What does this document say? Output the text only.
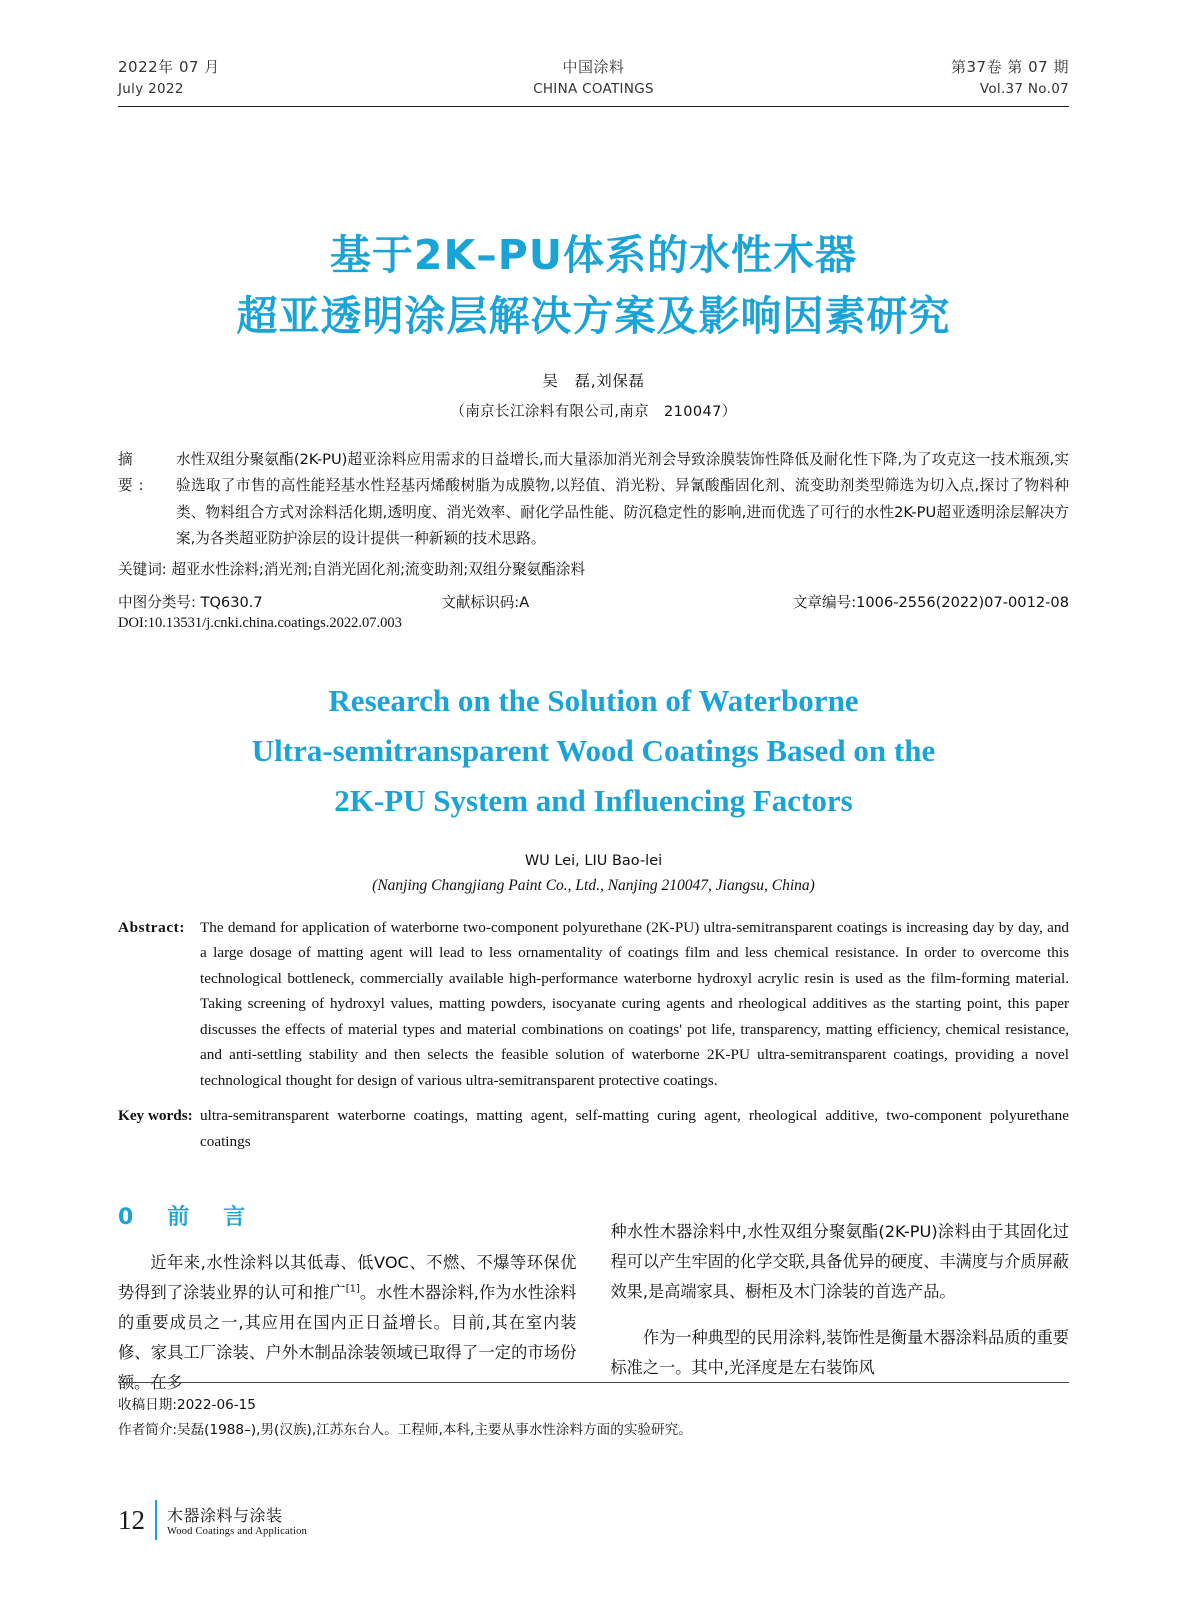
2022年 07 月
July 2022
中国涂料
CHINA COATINGS
第37卷 第 07 期
Vol.37 No.07
基于2K–PU体系的水性木器
超亚透明涂层解决方案及影响因素研究
吴　磊,刘保磊
（南京长江涂料有限公司,南京　210047）
摘　要:
水性双组分聚氨酯(2K-PU)超亚涂料应用需求的日益增长,而大量添加消光剂会导致涂膜装饰性降低及耐化性下降,为了攻克这一技术瓶颈,实验选取了市售的高性能羟基水性羟基丙烯酸树脂为成膜物,以羟值、消光粉、异氰酸酯固化剂、流变助剂类型筛选为切入点,探讨了物料种类、物料组合方式对涂料活化期,透明度、消光效率、耐化学品性能、防沉稳定性的影响,进而优选了可行的水性2K-PU超亚透明涂层解决方案,为各类超亚防护涂层的设计提供一种新颖的技术思路。
关键词: 超亚水性涂料;消光剂;自消光固化剂;流变助剂;双组分聚氨酯涂料
中图分类号: TQ630.7	文献标识码:A	文章编号:1006-2556(2022)07-0012-08
DOI:10.13531/j.cnki.china.coatings.2022.07.003
Research on the Solution of Waterborne
Ultra-semitransparent Wood Coatings Based on the
2K-PU System and Influencing Factors
WU Lei, LIU Bao-lei
(Nanjing Changjiang Paint Co., Ltd., Nanjing 210047, Jiangsu, China)
Abstract: The demand for application of waterborne two-component polyurethane (2K-PU) ultra-semitransparent coatings is increasing day by day, and a large dosage of matting agent will lead to less ornamentality of coatings film and less chemical resistance. In order to overcome this technological bottleneck, commercially available high-performance waterborne hydroxyl acrylic resin is used as the film-forming material. Taking screening of hydroxyl values, matting powders, isocyanate curing agents and rheological additives as the starting point, this paper discusses the effects of material types and material combinations on coatings' pot life, transparency, matting efficiency, chemical resistance, and anti-settling stability and then selects the feasible solution of waterborne 2K-PU ultra-semitransparent coatings, providing a novel technological thought for design of various ultra-semitransparent protective coatings.
Key words: ultra-semitransparent waterborne coatings, matting agent, self-matting curing agent, rheological additive, two-component polyurethane coatings
0　前　言

近年来,水性涂料以其低毒、低VOC、不燃、不爆等环保优势得到了涂装业界的认可和推广[1]。水性木器涂料,作为水性涂料的重要成员之一,其应用在国内正日益增长。目前,其在室内装修、家具工厂涂装、户外木制品涂装领域已取得了一定的市场份额。在多

种水性木器涂料中,水性双组分聚氨酯(2K-PU)涂料由于其固化过程可以产生牢固的化学交联,具备优异的硬度、丰满度与介质屏蔽效果,是高端家具、橱柜及木门涂装的首选产品。

作为一种典型的民用涂料,装饰性是衡量木器涂料品质的重要标准之一。其中,光泽度是左右装饰风

收稿日期:2022-06-15
作者简介:吴磊(1988–),男(汉族),江苏东台人。工程师,本科,主要从事水性涂料方面的实验研究。
12 木器涂料与涂装
Wood Coatings and Application
